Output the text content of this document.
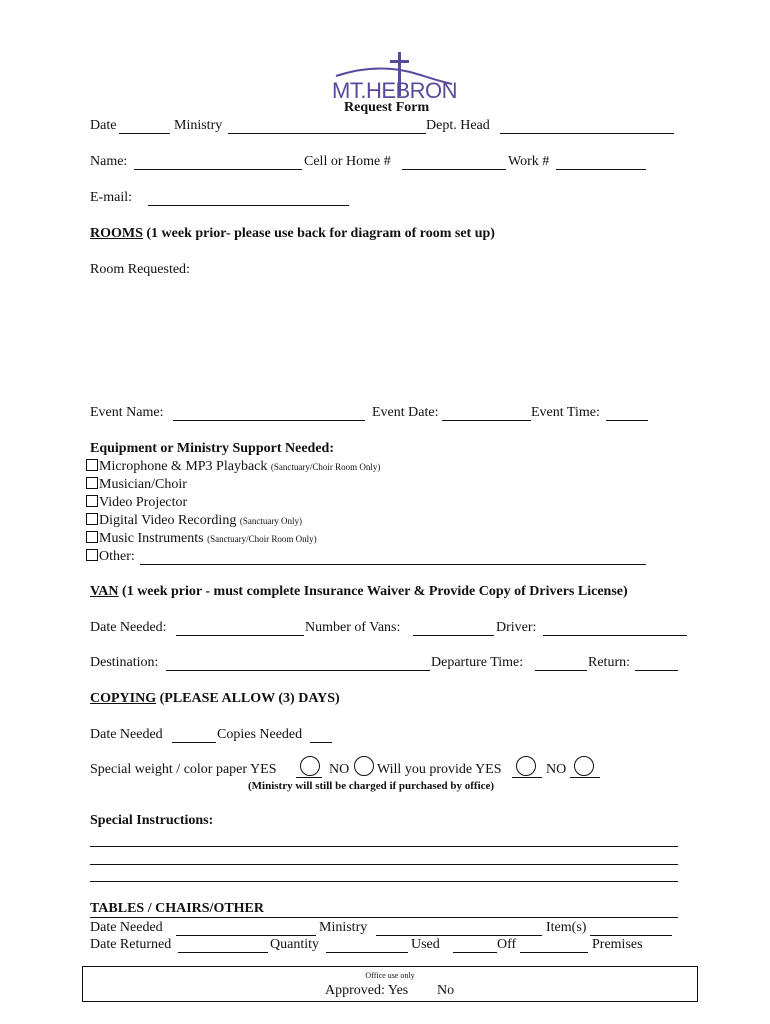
MT.HEBRON
Request Form
Date	Ministry	Dept. Head
Name:	Cell or Home #	Work #
E-mail:
ROOMS (1 week prior- please use back for diagram of room set up)
Room Requested:
Event Name:	Event Date:	Event Time:
Equipment or Ministry Support Needed:
Microphone & MP3 Playback (Sanctuary/Choir Room Only)
Musician/Choir
Video Projector
Digital Video Recording (Sanctuary Only)
Music Instruments (Sanctuary/Choir Room Only)
Other:
VAN (1 week prior - must complete Insurance Waiver & Provide Copy of Drivers License)
Date Needed:	Number of Vans:	Driver:
Destination:	Departure Time:	Return:
COPYING (PLEASE ALLOW (3) DAYS)
Date Needed	Copies Needed
Special weight / color paper YES	NO Will you provide YES	NO
(Ministry will still be charged if purchased by office)
Special Instructions:
TABLES / CHAIRS/OTHER
Date Needed	Ministry	Item(s)
Date Returned	Quantity	Used	Off	Premises
Office use only
Approved: Yes No
